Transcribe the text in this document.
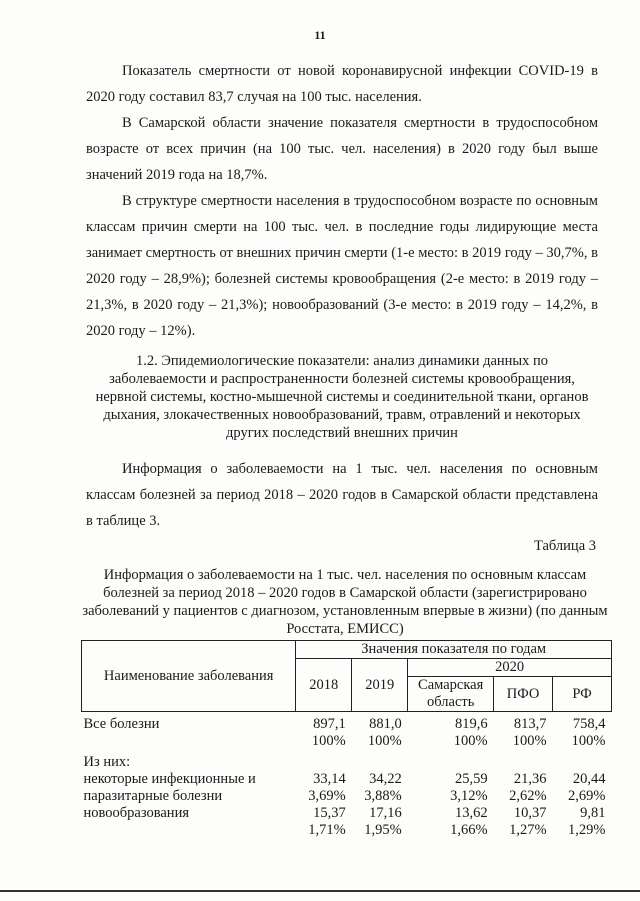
11

Показатель смертности от новой коронавирусной инфекции COVID-19 в 2020 году составил 83,7 случая на 100 тыс. населения.

В Самарской области значение показателя смертности в трудоспособном возрасте от всех причин (на 100 тыс. чел. населения) в 2020 году был выше значений 2019 года на 18,7%.

В структуре смертности населения в трудоспособном возрасте по основным классам причин смерти на 100 тыс. чел. в последние годы лидирующие места занимает смертность от внешних причин смерти (1-е место: в 2019 году – 30,7%, в 2020 году – 28,9%); болезней системы кровообращения (2-е место: в 2019 году – 21,3%, в 2020 году – 21,3%); новообразований (3-е место: в 2019 году – 14,2%, в 2020 году – 12%).

1.2. Эпидемиологические показатели: анализ динамики данных по заболеваемости и распространенности болезней системы кровообращения, нервной системы, костно-мышечной системы и соединительной ткани, органов дыхания, злокачественных новообразований, травм, отравлений и некоторых других последствий внешних причин

Информация о заболеваемости на 1 тыс. чел. населения по основным классам болезней за период 2018 – 2020 годов в Самарской области представлена в таблице 3.

Таблица 3

Информация о заболеваемости на 1 тыс. чел. населения по основным классам болезней за период 2018 – 2020 годов в Самарской области (зарегистрировано заболеваний у пациентов с диагнозом, установленным впервые в жизни) (по данным Росстата, ЕМИСС)

Наименование заболевания	Значения показателя по годам				
	2018	2019	2020		
			Самарская область	ПФО	РФ
Все болезни	897,1	881,0	819,6	813,7	758,4
	100%	100%	100%	100%	100%
Из них:					
некоторые инфекционные и	33,14	34,22	25,59	21,36	20,44
паразитарные болезни	3,69%	3,88%	3,12%	2,62%	2,69%
новообразования	15,37	17,16	13,62	10,37	9,81
	1,71%	1,95%	1,66%	1,27%	1,29%
